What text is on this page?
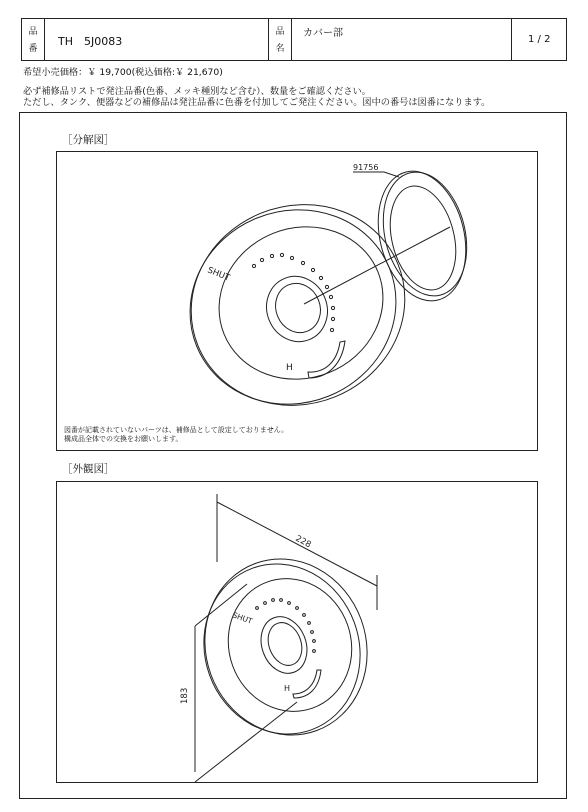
品
番
TH　5J0083
品
名
カバー部
1 / 2
希望小売価格：￥ 19,700(税込価格:￥ 21,670)
必ず補修品リストで発注品番(色番、メッキ種別など含む）、数量をご確認ください。
ただし、タンク、便器などの補修品は発注品番に色番を付加してご発注ください。図中の番号は図番になります。
［分解図］
91756
SHUT
H
図番が記載されていないパーツは、補修品として設定しておりません。
構成品全体での交換をお願いします。
［外観図］
228
183
SHUT
H
